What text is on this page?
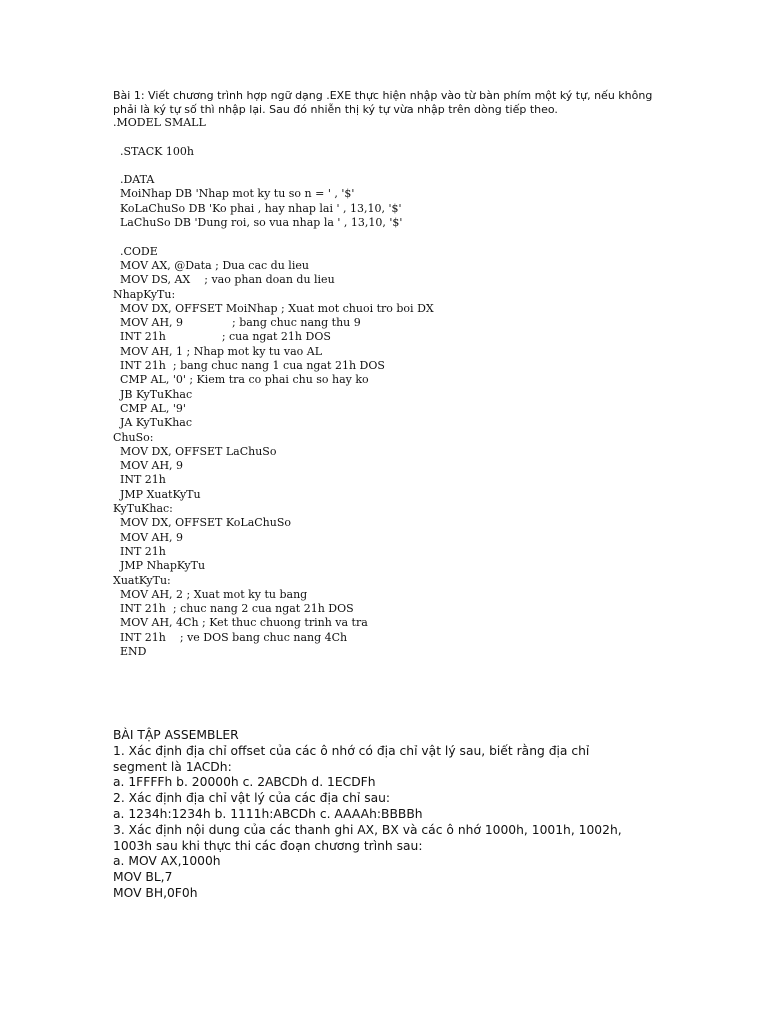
Bài 1: Viết chương trình hợp ngữ dạng .EXE thực hiện nhập vào từ bàn phím một ký tự, nếu không
phải là ký tự số thì nhập lại. Sau đó nhiễn thị ký tự vừa nhập trên dòng tiếp theo.
.MODEL SMALL
.STACK 100h
.DATA
MoiNhap DB 'Nhap mot ky tu so n = ' , '$'
KoLaChuSo DB 'Ko phai , hay nhap lai ' , 13,10, '$'
LaChuSo DB 'Dung roi, so vua nhap la ' , 13,10, '$'
.CODE
MOV AX, @Data ; Dua cac du lieu
MOV DS, AX    ; vao phan doan du lieu
NhapKyTu:
MOV DX, OFFSET MoiNhap ; Xuat mot chuoi tro boi DX
MOV AH, 9              ; bang chuc nang thu 9
INT 21h                ; cua ngat 21h DOS
MOV AH, 1 ; Nhap mot ky tu vao AL
INT 21h  ; bang chuc nang 1 cua ngat 21h DOS
CMP AL, '0' ; Kiem tra co phai chu so hay ko
JB KyTuKhac
CMP AL, '9'
JA KyTuKhac
ChuSo:
MOV DX, OFFSET LaChuSo
MOV AH, 9
INT 21h
JMP XuatKyTu
KyTuKhac:
MOV DX, OFFSET KoLaChuSo
MOV AH, 9
INT 21h
JMP NhapKyTu
XuatKyTu:
MOV AH, 2 ; Xuat mot ky tu bang
INT 21h  ; chuc nang 2 cua ngat 21h DOS
MOV AH, 4Ch ; Ket thuc chuong trinh va tra
INT 21h    ; ve DOS bang chuc nang 4Ch
END
BÀI TẬP ASSEMBLER
1. Xác định địa chỉ offset của các ô nhớ có địa chỉ vật lý sau, biết rằng địa chỉ
segment là 1ACDh:
a. 1FFFFh b. 20000h c. 2ABCDh d. 1ECDFh
2. Xác định địa chỉ vật lý của các địa chỉ sau:
a. 1234h:1234h b. 1111h:ABCDh c. AAAAh:BBBBh
3. Xác định nội dung của các thanh ghi AX, BX và các ô nhớ 1000h, 1001h, 1002h,
1003h sau khi thực thi các đoạn chương trình sau:
a. MOV AX,1000h
MOV BL,7
MOV BH,0F0h
